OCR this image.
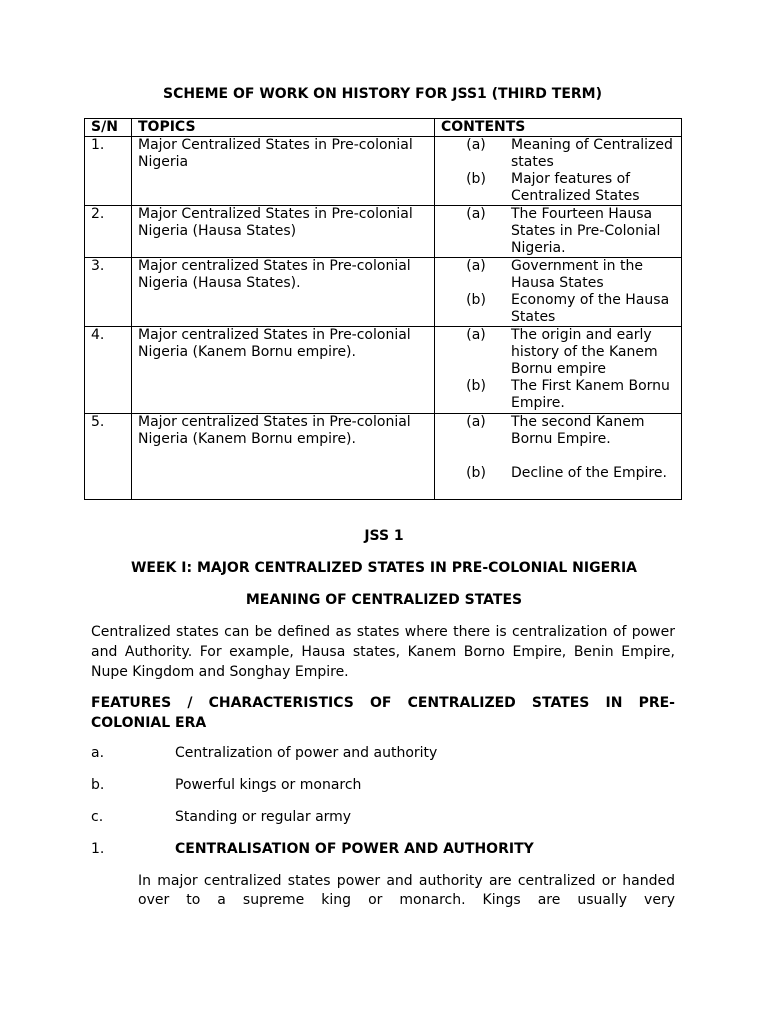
SCHEME OF WORK ON HISTORY FOR JSS1 (THIRD TERM)
S/N	TOPICS	CONTENTS
1.	Major Centralized States in Pre-colonial Nigeria	(a) Meaning of Centralized states
(b) Major features of Centralized States

2.	Major Centralized States in Pre-colonial Nigeria (Hausa States)	(a) The Fourteen Hausa States in Pre-Colonial Nigeria.

3.	Major centralized States in Pre-colonial Nigeria (Hausa States).	(a) Government in the Hausa States
(b) Economy of the Hausa States

4.	Major centralized States in Pre-colonial Nigeria (Kanem Bornu empire).	(a) The origin and early history of the Kanem Bornu empire
(b) The First Kanem Bornu Empire.

5.	Major centralized States in Pre-colonial Nigeria (Kanem Bornu empire).	(a) The second Kanem Bornu Empire.
(b) Decline of the Empire.
JSS 1
WEEK I: MAJOR CENTRALIZED STATES IN PRE-COLONIAL NIGERIA
MEANING OF CENTRALIZED STATES
Centralized states can be defined as states where there is centralization of power and Authority. For example, Hausa states, Kanem Borno Empire, Benin Empire, Nupe Kingdom and Songhay Empire.
FEATURES / CHARACTERISTICS OF CENTRALIZED STATES IN PRE-COLONIAL ERA
a.	Centralization of power and authority
b.	Powerful kings or monarch
c.	Standing or regular army
1.	CENTRALISATION OF POWER AND AUTHORITY
In major centralized states power and authority are centralized or handed over to a supreme king or monarch. Kings are usually very
